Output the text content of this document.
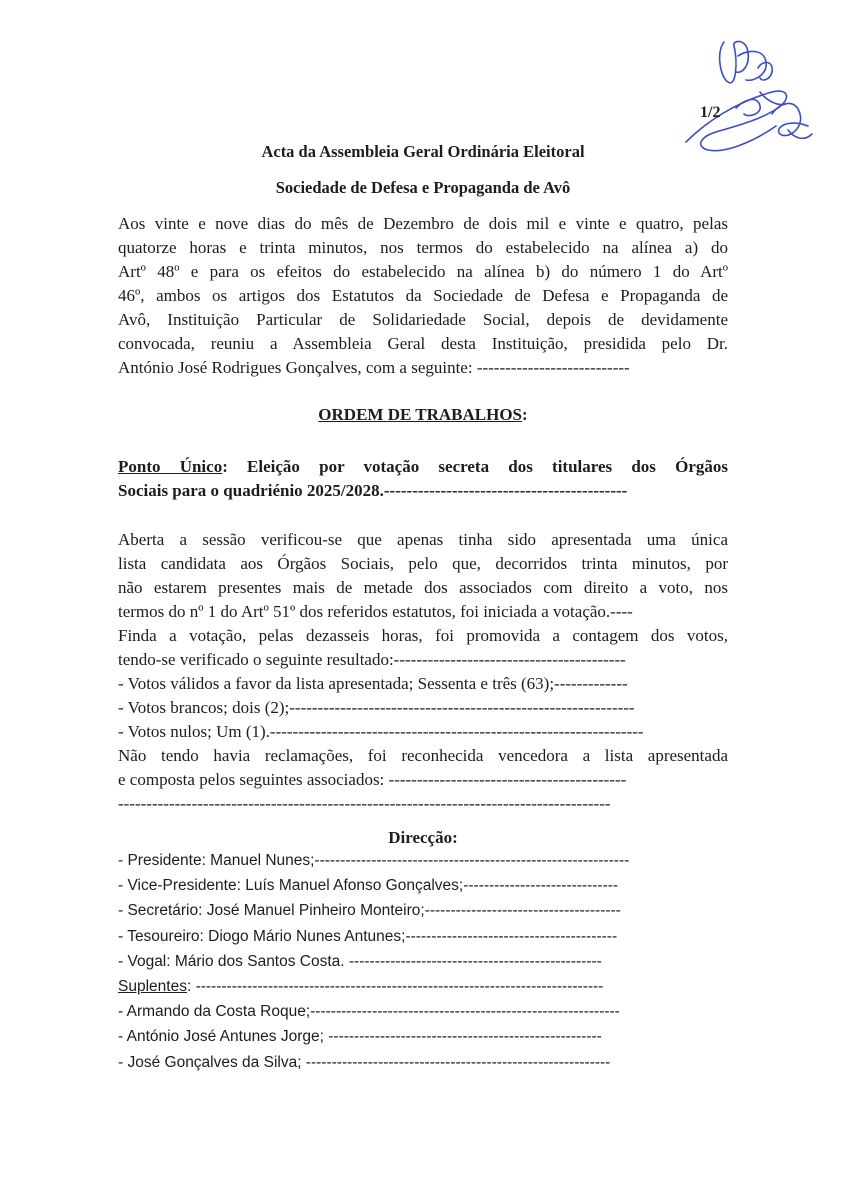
1/2
Acta da Assembleia Geral Ordinária Eleitoral
Sociedade de Defesa e Propaganda de Avô
Aos vinte e nove dias do mês de Dezembro de dois mil e vinte e quatro, pelas
quatorze horas e trinta minutos, nos termos do estabelecido na alínea a) do
Artº 48º e para os efeitos do estabelecido na alínea b) do número 1 do Artº
46º, ambos os artigos dos Estatutos da Sociedade de Defesa e Propaganda de
Avô, Instituição Particular de Solidariedade Social, depois de devidamente
convocada, reuniu a Assembleia Geral desta Instituição, presidida pelo Dr.
António José Rodrigues Gonçalves, com a seguinte: ---------------------------
ORDEM DE TRABALHOS:
Ponto Único: Eleição por votação secreta dos titulares dos Órgãos
Sociais para o quadriénio 2025/2028.-------------------------------------------
Aberta a sessão verificou-se que apenas tinha sido apresentada uma única
lista candidata aos Órgãos Sociais, pelo que, decorridos trinta minutos, por
não estarem presentes mais de metade dos associados com direito a voto, nos
termos do nº 1 do Artº 51º dos referidos estatutos, foi iniciada a votação.----
Finda a votação, pelas dezasseis horas, foi promovida a contagem dos votos,
tendo-se verificado o seguinte resultado:-----------------------------------------
- Votos válidos a favor da lista apresentada; Sessenta e três (63);-------------
- Votos brancos; dois (2);-------------------------------------------------------------
- Votos nulos; Um (1).------------------------------------------------------------------
Não tendo havia reclamações, foi reconhecida vencedora a lista apresentada
e composta pelos seguintes associados: ------------------------------------------
---------------------------------------------------------------------------------------
Direcção:
- Presidente: Manuel Nunes;-------------------------------------------------------------
- Vice-Presidente: Luís Manuel Afonso Gonçalves;------------------------------
- Secretário: José Manuel Pinheiro Monteiro;--------------------------------------
- Tesoureiro: Diogo Mário Nunes Antunes;-----------------------------------------
- Vogal: Mário dos Santos Costa. -------------------------------------------------
Suplentes: -------------------------------------------------------------------------------
- Armando da Costa Roque;------------------------------------------------------------
- António José Antunes Jorge; -----------------------------------------------------
- José Gonçalves da Silva; -----------------------------------------------------------
